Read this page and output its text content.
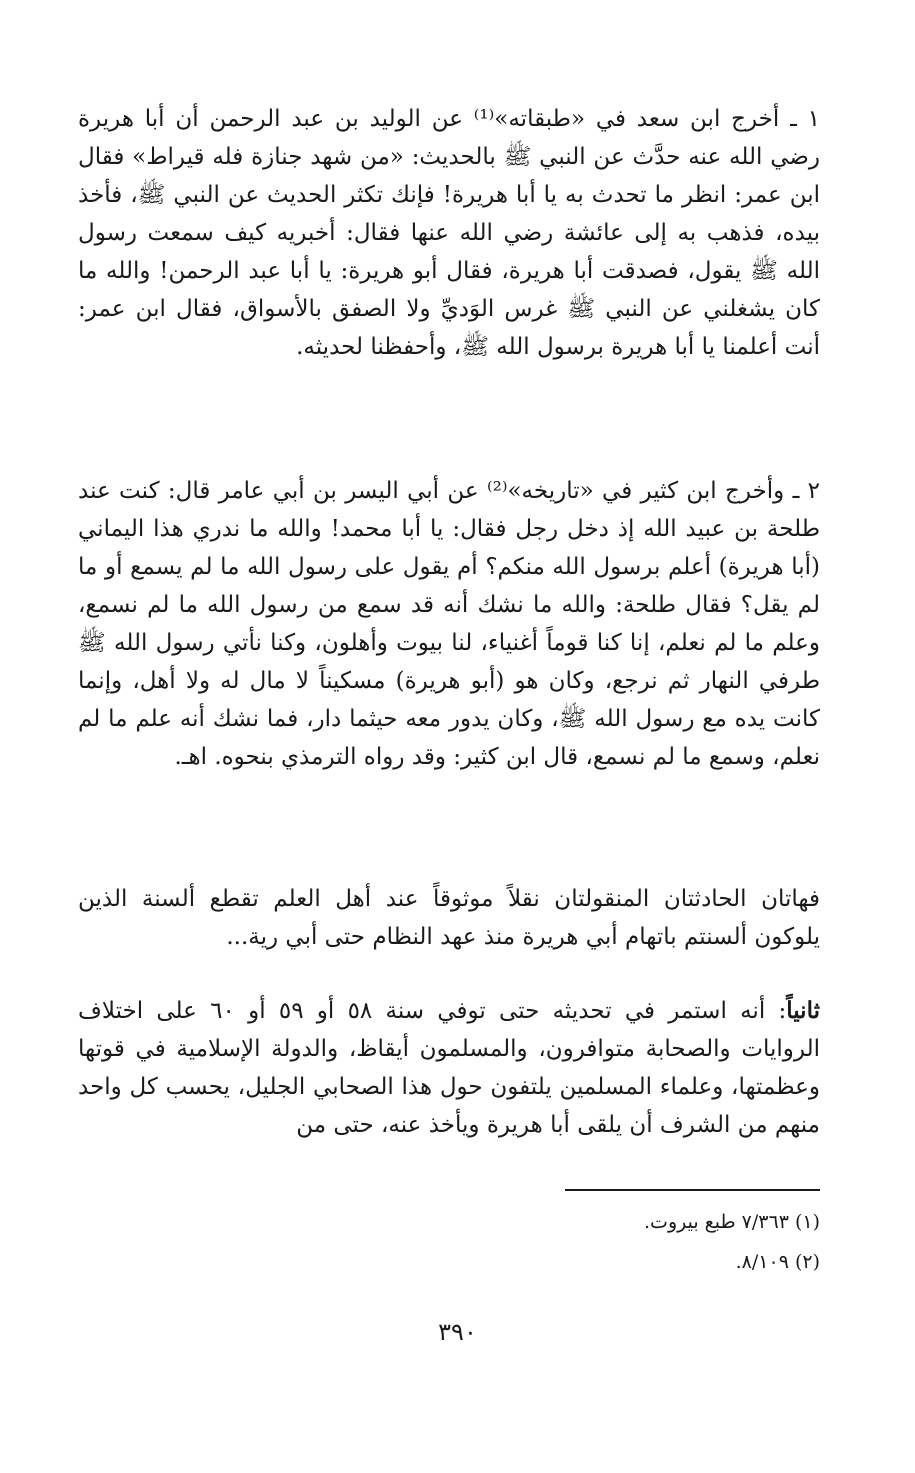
١ ـ أخرج ابن سعد في «طبقاته»⁽¹⁾ عن الوليد بن عبد الرحمن أن أبا هريرة رضي الله عنه حدَّث عن النبي ﷺ بالحديث: «من شهد جنازة فله قيراط» فقال ابن عمر: انظر ما تحدث به يا أبا هريرة! فإنك تكثر الحديث عن النبي ﷺ، فأخذ بيده، فذهب به إلى عائشة رضي الله عنها فقال: أخبريه كيف سمعت رسول الله ﷺ يقول، فصدقت أبا هريرة، فقال أبو هريرة: يا أبا عبد الرحمن! والله ما كان يشغلني عن النبي ﷺ غرس الوَديِّ ولا الصفق بالأسواق، فقال ابن عمر: أنت أعلمنا يا أبا هريرة برسول الله ﷺ، وأحفظنا لحديثه.

٢ ـ وأخرج ابن كثير في «تاريخه»⁽²⁾ عن أبي اليسر بن أبي عامر قال: كنت عند طلحة بن عبيد الله إذ دخل رجل فقال: يا أبا محمد! والله ما ندري هذا اليماني (أبا هريرة) أعلم برسول الله منكم؟ أم يقول على رسول الله ما لم يسمع أو ما لم يقل؟ فقال طلحة: والله ما نشك أنه قد سمع من رسول الله ما لم نسمع، وعلم ما لم نعلم، إنا كنا قوماً أغنياء، لنا بيوت وأهلون، وكنا نأتي رسول الله ﷺ طرفي النهار ثم نرجع، وكان هو (أبو هريرة) مسكيناً لا مال له ولا أهل، وإنما كانت يده مع رسول الله ﷺ، وكان يدور معه حيثما دار، فما نشك أنه علم ما لم نعلم، وسمع ما لم نسمع، قال ابن كثير: وقد رواه الترمذي بنحوه. اهـ.

فهاتان الحادثتان المنقولتان نقلاً موثوقاً عند أهل العلم تقطع ألسنة الذين يلوكون ألسنتم باتهام أبي هريرة منذ عهد النظام حتى أبي رية...

ثانياً: أنه استمر في تحديثه حتى توفي سنة ٥٨ أو ٥٩ أو ٦٠ على اختلاف الروايات والصحابة متوافرون، والمسلمون أيقاظ، والدولة الإسلامية في قوتها وعظمتها، وعلماء المسلمين يلتفون حول هذا الصحابي الجليل، يحسب كل واحد منهم من الشرف أن يلقى أبا هريرة ويأخذ عنه، حتى من

(١) ٧/٣٦٣ طبع بيروت.
(٢) ٨/١٠٩.
٣٩٠
